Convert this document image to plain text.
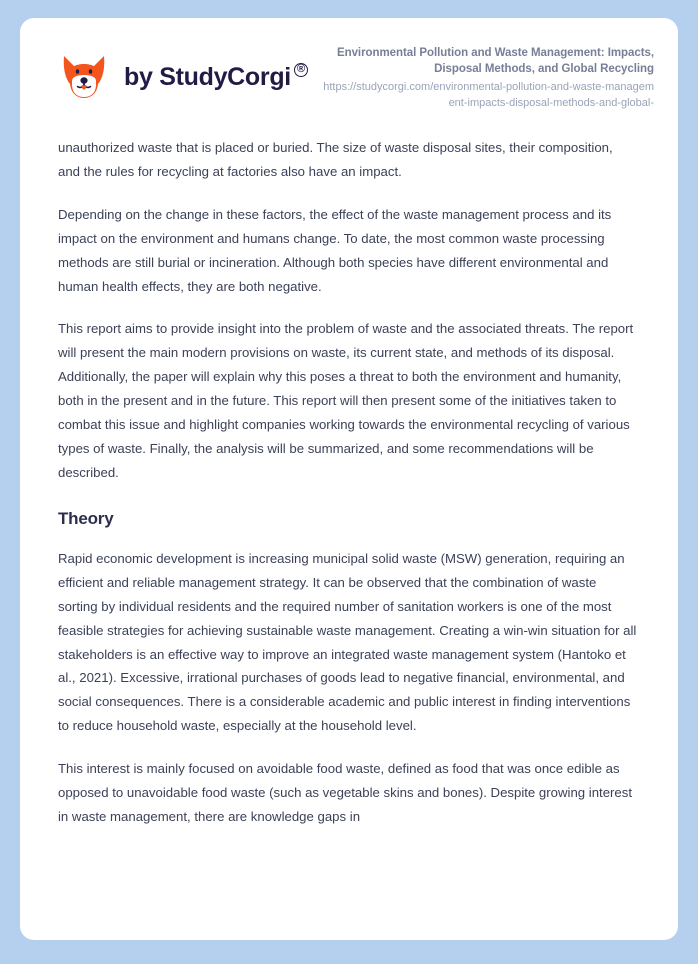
by StudyCorgi ®
Environmental Pollution and Waste Management: Impacts, Disposal Methods, and Global Recycling
https://studycorgi.com/environmental-pollution-and-waste-management-impacts-disposal-methods-and-global-

unauthorized waste that is placed or buried. The size of waste disposal sites, their composition, and the rules for recycling at factories also have an impact.

Depending on the change in these factors, the effect of the waste management process and its impact on the environment and humans change. To date, the most common waste processing methods are still burial or incineration. Although both species have different environmental and human health effects, they are both negative.

This report aims to provide insight into the problem of waste and the associated threats. The report will present the main modern provisions on waste, its current state, and methods of its disposal. Additionally, the paper will explain why this poses a threat to both the environment and humanity, both in the present and in the future. This report will then present some of the initiatives taken to combat this issue and highlight companies working towards the environmental recycling of various types of waste. Finally, the analysis will be summarized, and some recommendations will be described.

Theory

Rapid economic development is increasing municipal solid waste (MSW) generation, requiring an efficient and reliable management strategy. It can be observed that the combination of waste sorting by individual residents and the required number of sanitation workers is one of the most feasible strategies for achieving sustainable waste management. Creating a win-win situation for all stakeholders is an effective way to improve an integrated waste management system (Hantoko et al., 2021). Excessive, irrational purchases of goods lead to negative financial, environmental, and social consequences. There is a considerable academic and public interest in finding interventions to reduce household waste, especially at the household level.

This interest is mainly focused on avoidable food waste, defined as food that was once edible as opposed to unavoidable food waste (such as vegetable skins and bones). Despite growing interest in waste management, there are knowledge gaps in
